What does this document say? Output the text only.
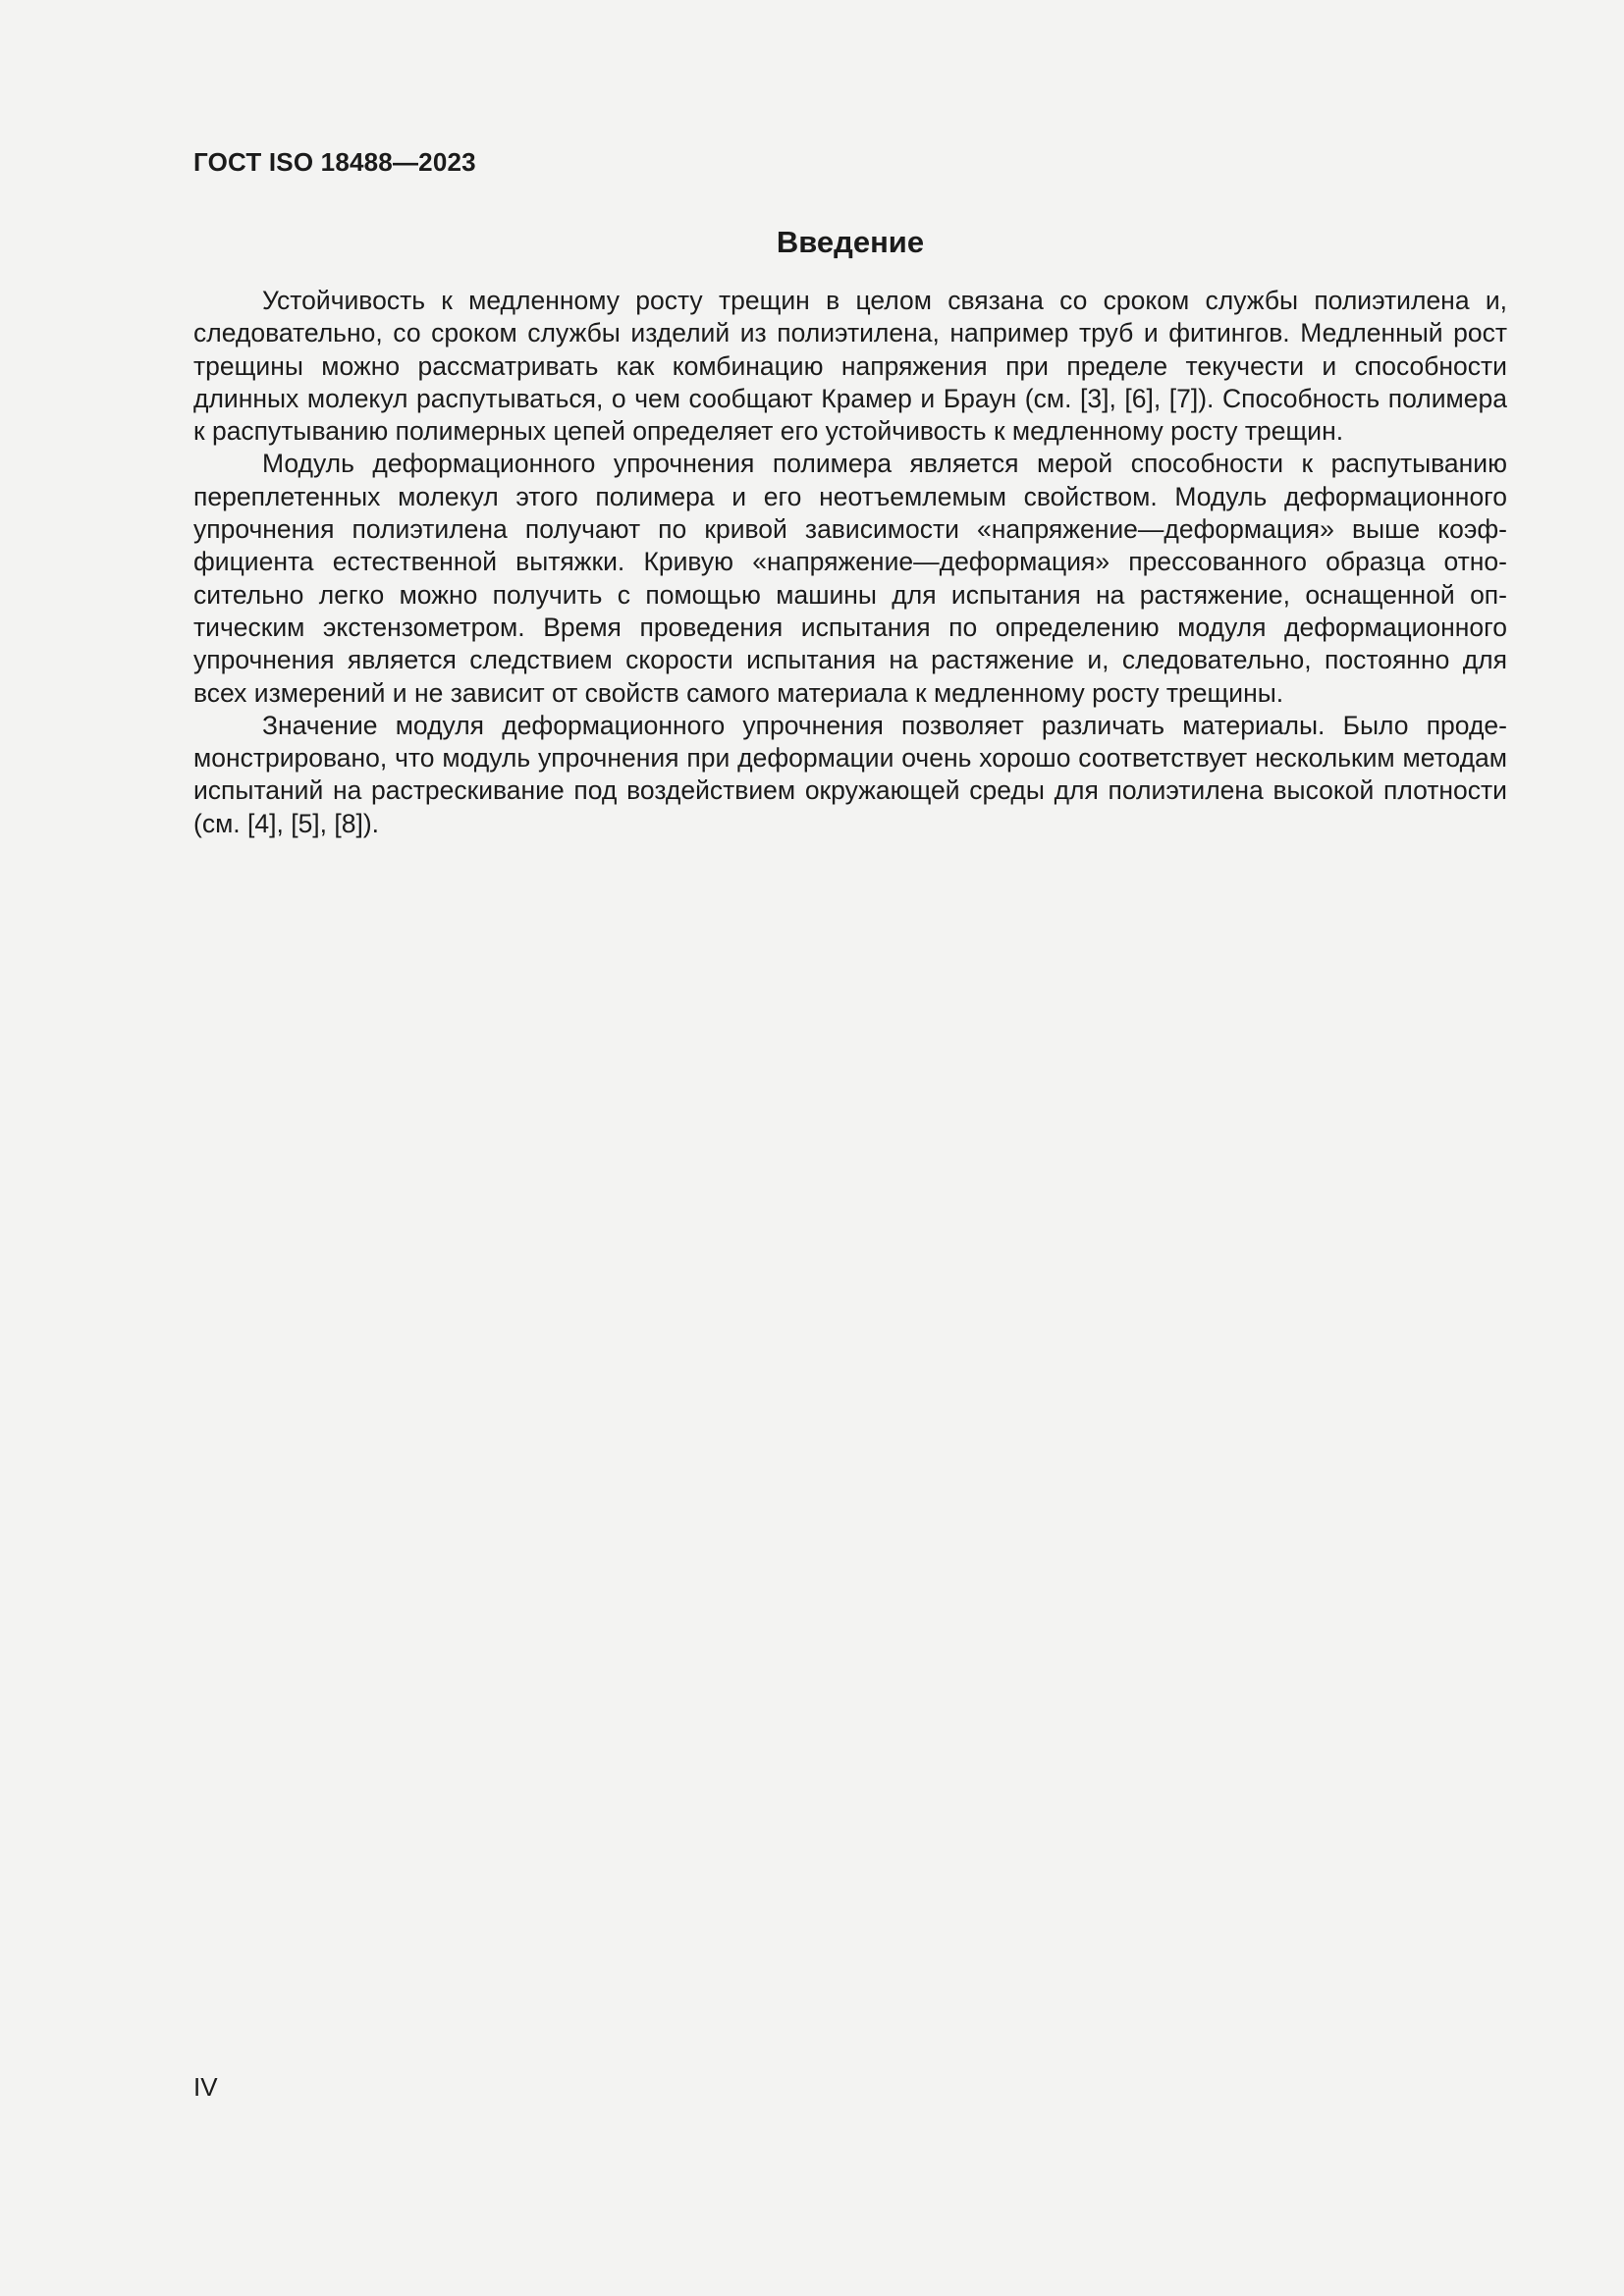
ГОСТ ISO 18488—2023
Введение

Устойчивость к медленному росту трещин в целом связана со сроком службы полиэтилена и, следовательно, со сроком службы изделий из полиэтилена, например труб и фитингов. Медленный рост трещины можно рассматривать как комбинацию напряжения при пределе текучести и способности длинных молекул распутываться, о чем сообщают Крамер и Браун (см. [3], [6], [7]). Способность полимера к распутыванию полимерных цепей определяет его устойчивость к медленному росту трещин.

Модуль деформационного упрочнения полимера является мерой способности к распутыванию переплетенных молекул этого полимера и его неотъемлемым свойством. Модуль деформационного упрочнения полиэтилена получают по кривой зависимости «напряжение—деформация» выше коэффициента естественной вытяжки. Кривую «напряжение—деформация» прессованного образца относительно легко можно получить с помощью машины для испытания на растяжение, оснащенной оптическим экстензометром. Время проведения испытания по определению модуля деформационного упрочнения является следствием скорости испытания на растяжение и, следовательно, постоянно для всех измерений и не зависит от свойств самого материала к медленному росту трещины.

Значение модуля деформационного упрочнения позволяет различать материалы. Было продемонстрировано, что модуль упрочнения при деформации очень хорошо соответствует нескольким методам испытаний на растрескивание под воздействием окружающей среды для полиэтилена высокой плотности (см. [4], [5], [8]).

IV
